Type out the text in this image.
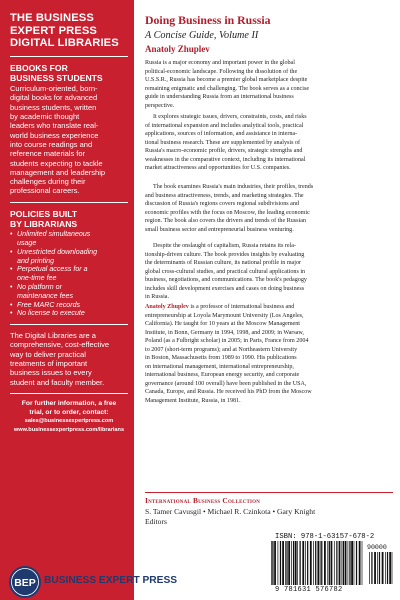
THE BUSINESS
EXPERT PRESS
DIGITAL LIBRARIES
EBOOKS FOR
BUSINESS STUDENTS
Curriculum-oriented, born-
digital books for advanced
business students, written
by academic thought
leaders who translate real-
world business experience
into course readings and
reference materials for
students expecting to tackle
management and leadership
challenges during their
professional careers.
POLICIES BUILT
BY LIBRARIANS
• Unlimited simultaneous
usage
• Unrestricted downloading
and printing
• Perpetual access for a
one-time fee
• No platform or
maintenance fees
• Free MARC records
• No license to execute
The Digital Libraries are a
comprehensive, cost-effective
way to deliver practical
treatments of important
business issues to every
student and faculty member.
For further information, a free
trial, or to order, contact:
sales@businessexpertpress.com
www.businessexpertpress.com/librarians
Doing Business in Russia
A Concise Guide, Volume II
Anatoly Zhuplev
Russia is a major economy and important power in the global
political-economic landscape. Following the dissolution of the
U.S.S.R., Russia has become a premier global marketplace despite
remaining enigmatic and challenging. The book serves as a concise
guide in understanding Russia from an international business
perspective.
It explores strategic issues, drivers, constraints, costs, and risks
of international expansion and includes analytical tools, practical
applications, sources of information, and assistance in interna-
tional business research. These are supplemented by analysis of
Russia's macro-economic profile, drivers, strategic strengths and
weaknesses in the comparative context, including its international
market attractiveness and opportunities for U.S. companies.
The book examines Russia's main industries, their profiles, trends
and business attractiveness, trends, and marketing strategies. The
discussion of Russia's regions covers regional subdivisions and
economic profiles with the focus on Moscow, the leading economic
region. The book also covers the drivers and trends of the Russian
small business sector and entrepreneurial business venturing.
Despite the onslaught of capitalism, Russia retains its rela-
tionship-driven culture. The book provides insights by evaluating
the determinants of Russian culture, its national profile in major
global cross-cultural studies, and practical cultural applications in
business, negotiations, and communications. The book's pedagogy
includes skill development exercises and cases on doing business
in Russia.
Anatoly Zhuplev is a professor of international business and
entrepreneurship at Loyola Marymount University (Los Angeles,
California). He taught for 10 years at the Moscow Management
Institute, in Bonn, Germany in 1994, 1998, and 2009; in Warsaw,
Poland (as a Fulbright scholar) in 2005; in Paris, France from 2004
to 2007 (short-term programs); and at Northeastern University
in Boston, Massachusetts from 1989 to 1990. His publications
on international management, international entrepreneurship,
international business, European energy security, and corporate
governance (around 100 overall) have been published in the USA,
Canada, Europe, and Russia. He received his PhD from the Moscow
Management Institute, Russia, in 1981.
International Business Collection
S. Tamer Cavusgil • Michael R. Czinkota • Gary Knight
Editors
ISBN: 978-1-63157-678-2
90000
9 781631 576782
BEP BUSINESS EXPERT PRESS
